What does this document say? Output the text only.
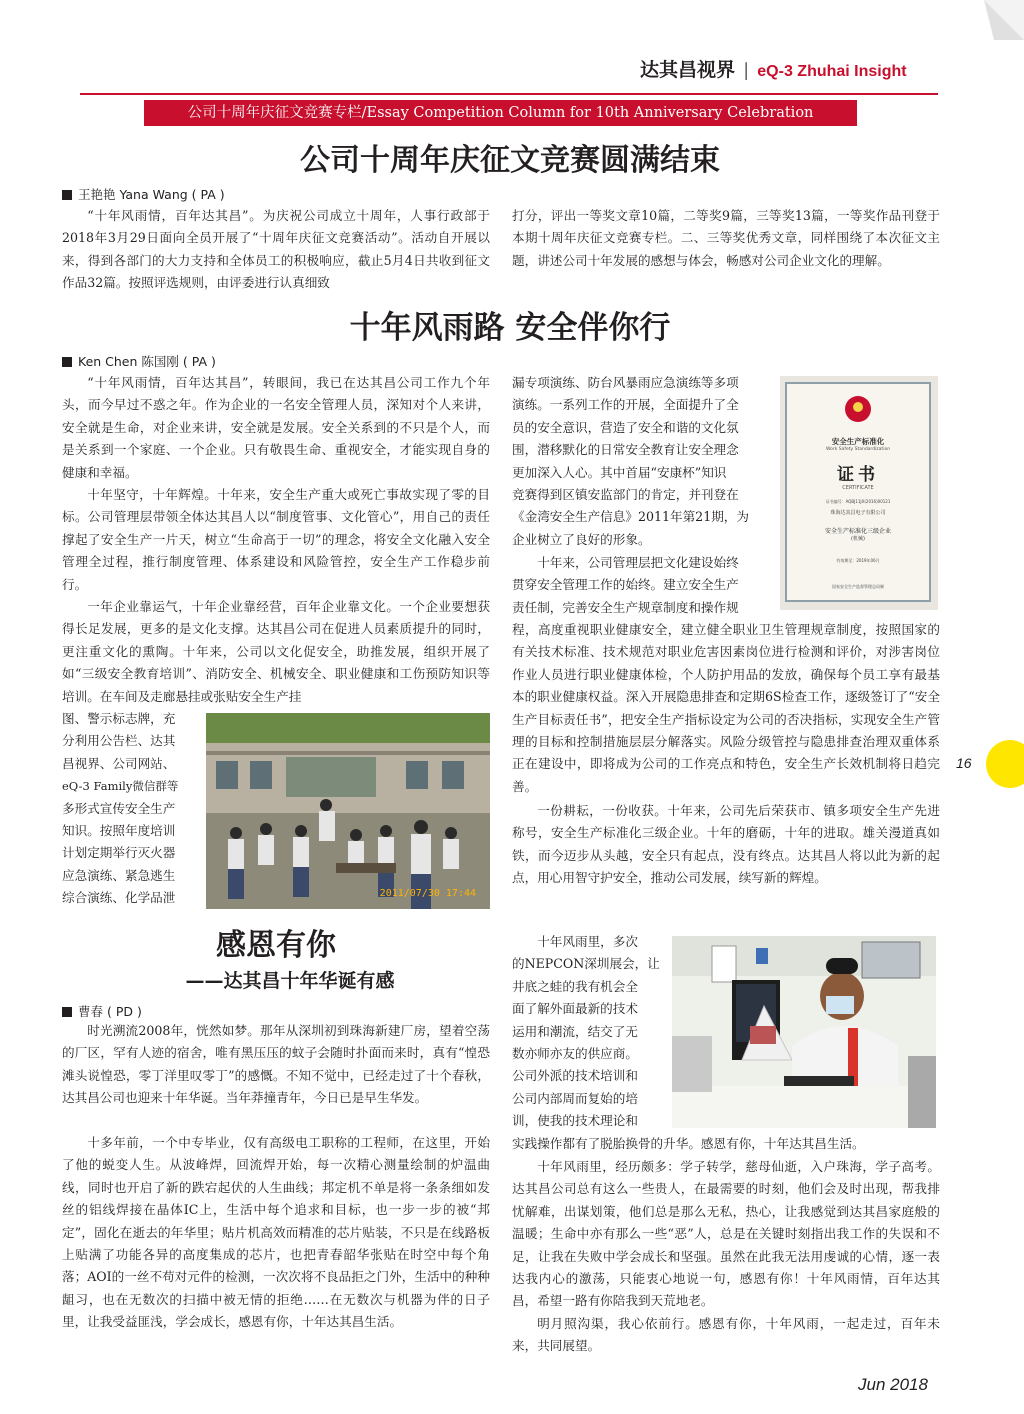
达其昌视界 | eQ-3 Zhuhai Insight
公司十周年庆征文竞赛专栏/Essay Competition Column for 10th Anniversary Celebration
公司十周年庆征文竞赛圆满结束
王艳艳 Yana Wang ( PA )

“十年风雨情，百年达其昌”。为庆祝公司成立十周年，人事行政部于2018年3月29日面向全员开展了“十周年庆征文竞赛活动”。活动自开展以来，得到各部门的大力支持和全体员工的积极响应，截止5月4日共收到征文作品32篇。按照评选规则，由评委进行认真细致

打分，评出一等奖文章10篇，二等奖9篇，三等奖13篇，一等奖作品刊登于本期十周年庆征文竞赛专栏。二、三等奖优秀文章，同样围绕了本次征文主题，讲述公司十年发展的感想与体会，畅感对公司企业文化的理解。

十年风雨路 安全伴你行
Ken Chen 陈国刚 ( PA )

“十年风雨情，百年达其昌”，转眼间，我已在达其昌公司工作九个年头，而今早过不惑之年。作为企业的一名安全管理人员，深知对个人来讲，安全就是生命，对企业来讲，安全就是发展。安全关系到的不只是个人，而是关系到一个家庭、一个企业。只有敬畏生命、重视安全，才能实现自身的健康和幸福。

十年坚守，十年辉煌。十年来，安全生产重大或死亡事故实现了零的目标。公司管理层带领全体达其昌人以“制度管事、文化管心”，用自己的责任撑起了安全生产一片天，树立“生命高于一切”的理念，将安全文化融入安全管理全过程，推行制度管理、体系建设和风险管控，安全生产工作稳步前行。

一年企业靠运气，十年企业靠经营，百年企业靠文化。一个企业要想获得长足发展，更多的是文化支撑。达其昌公司在促进人员素质提升的同时，更注重文化的熏陶。十年来，公司以文化促安全，助推发展，组织开展了如“三级安全教育培训”、消防安全、机械安全、职业健康和工伤预防知识等培训。在车间及走廊悬挂或张贴安全生产挂

图、警示标志牌，充
分利用公告栏、达其
昌视界、公司网站、
eQ-3 Family微信群等
多形式宣传安全生产
知识。按照年度培训
计划定期举行灭火器
应急演练、紧急逃生
综合演练、化学品泄	2011/07/30 17:44
漏专项演练、防台风暴雨应急演练等多项
演练。一系列工作的开展，全面提升了全
员的安全意识，营造了安全和谐的文化氛
围，潜移默化的日常安全教育让安全理念
更加深入人心。其中首届“安康杯”知识
竞赛得到区镇安监部门的肯定，并刊登在
《金湾安全生产信息》2011年第21期，为
企业树立了良好的形象。
十年来，公司管理层把文化建设始终
贯穿安全管理工作的始终。建立安全生产
责任制，完善安全生产规章制度和操作规

程，高度重视职业健康安全，建立健全职业卫生管理规章制度，按照国家的有关技术标准、技术规范对职业危害因素岗位进行检测和评价，对涉害岗位作业人员进行职业健康体检，个人防护用品的发放，确保每个员工享有最基本的职业健康权益。深入开展隐患排查和定期6S检查工作，逐级签订了“安全生产目标责任书”，把安全生产指标设定为公司的否决指标，实现安全生产管理的目标和控制措施层层分解落实。风险分级管控与隐患排查治理双重体系正在建设中，即将成为公司的工作亮点和特色，安全生产长效机制将日趋完善。

一份耕耘，一份收获。十年来，公司先后荣获市、镇多项安全生产先进称号，安全生产标准化三级企业。十年的磨砺，十年的进取。雄关漫道真如铁，而今迈步从头越，安全只有起点，没有终点。达其昌人将以此为新的起点，用心用智守护安全，推动公司发展，续写新的辉煌。

安全生产标准化
Work Safety Standardization
证书
CERTIFICATE
证书编号：AQBJ11JX(2016)00121
珠海达其昌电子有限公司
安全生产标准化三级企业
(机械)
有效期至：2019年06月
国家安全生产监督管理总局制
感恩有你
——达其昌十年华诞有感
曹春 ( PD )

时光溯流2008年，恍然如梦。那年从深圳初到珠海新建厂房，望着空荡的厂区，罕有人迹的宿舍，唯有黑压压的蚊子会随时扑面而来时，真有“惶恐滩头说惶恐，零丁洋里叹零丁”的感慨。不知不觉中，已经走过了十个春秋，达其昌公司也迎来十年华诞。当年莽撞青年，今日已是早生华发。

十多年前，一个中专毕业，仅有高级电工职称的工程师，在这里，开始了他的蜕变人生。从波峰焊，回流焊开始，每一次精心测量绘制的炉温曲线，同时也开启了新的跌宕起伏的人生曲线；邦定机不单是将一条条细如发丝的铝线焊接在晶体IC上，生活中每个追求和目标，也一步一步的被“邦定”，固化在逝去的年华里；贴片机高效而精准的芯片贴装，不只是在线路板上贴满了功能各异的高度集成的芯片，也把青春韶华张贴在时空中每个角落；AOI的一丝不苟对元件的检测，一次次将不良品拒之门外，生活中的种种龃习，也在无数次的扫描中被无情的拒绝……在无数次与机器为伴的日子里，让我受益匪浅，学会成长，感恩有你，十年达其昌生活。

十年风雨里，多次
的NEPCON深圳展会，让
井底之蛙的我有机会全
面了解外面最新的技术
运用和潮流，结交了无
数亦师亦友的供应商。
公司外派的技术培训和
公司内部周而复始的培
训，使我的技术理论和

实践操作都有了脱胎换骨的升华。感恩有你，十年达其昌生活。

十年风雨里，经历颇多：学子转学，慈母仙逝，入户珠海，学子高考。达其昌公司总有这么一些贵人，在最需要的时刻，他们会及时出现，帮我排忧解难，出谋划策，他们总是那么无私，热心，让我感觉到达其昌家庭般的温暖；生命中亦有那么一些“恶”人，总是在关键时刻指出我工作的失误和不足，让我在失败中学会成长和坚强。虽然在此我无法用虔诚的心情，逐一表达我内心的激荡，只能衷心地说一句，感恩有你！十年风雨情，百年达其昌，希望一路有你陪我到天荒地老。

明月照沟渠，我心依前行。感恩有你，十年风雨，一起走过，百年未来，共同展望。

16
Jun 2018
